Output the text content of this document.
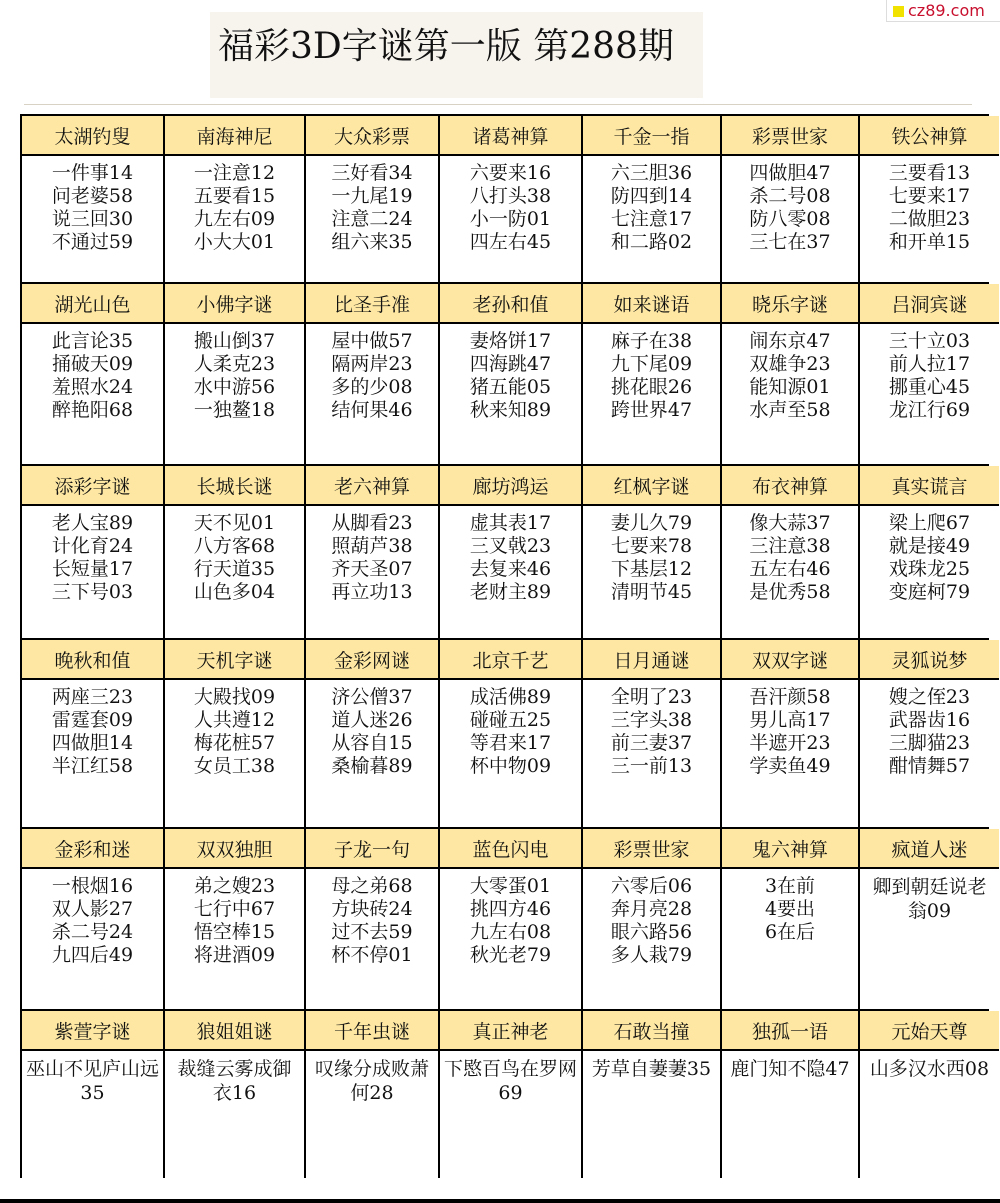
cz89.com
福彩3D字谜第一版 第288期
太湖钓叟
一件事14
问老婆58
说三回30
不通过59
南海神尼
一注意12
五要看15
九左右09
小大大01
大众彩票
三好看34
一九尾19
注意二24
组六来35
诸葛神算
六要来16
八打头38
小一防01
四左右45
千金一指
六三胆36
防四到14
七注意17
和二路02
彩票世家
四做胆47
杀二号08
防八零08
三七在37
铁公神算
三要看13
七要来17
二做胆23
和开单15
湖光山色
此言论35
捅破天09
羞照水24
醉艳阳68
小佛字谜
搬山倒37
人柔克23
水中游56
一独鳌18
比圣手准
屋中做57
隔两岸23
多的少08
结何果46
老孙和值
妻烙饼17
四海跳47
猪五能05
秋来知89
如来谜语
麻子在38
九下尾09
挑花眼26
跨世界47
晓乐字谜
闹东京47
双雄争23
能知源01
水声至58
吕洞宾谜
三十立03
前人拉17
挪重心45
龙江行69
添彩字谜
老人宝89
计化育24
长短量17
三下号03
长城长谜
天不见01
八方客68
行天道35
山色多04
老六神算
从脚看23
照葫芦38
齐天圣07
再立功13
廊坊鸿运
虚其表17
三叉戟23
去复来46
老财主89
红枫字谜
妻儿久79
七要来78
下基层12
清明节45
布衣神算
像大蒜37
三注意38
五左右46
是优秀58
真实谎言
梁上爬67
就是接49
戏珠龙25
变庭柯79
晚秋和值
两座三23
雷霆套09
四做胆14
半江红58
天机字谜
大殿找09
人共遵12
梅花桩57
女员工38
金彩网谜
济公僧37
道人迷26
从容自15
桑榆暮89
北京千艺
成活佛89
碰碰五25
等君来17
杯中物09
日月通谜
全明了23
三字头38
前三妻37
三一前13
双双字谜
吾汗颜58
男儿高17
半遮开23
学卖鱼49
灵狐说梦
嫂之侄23
武器齿16
三脚猫23
酣情舞57
金彩和迷
一根烟16
双人影27
杀二号24
九四后49
双双独胆
弟之嫂23
七行中67
悟空棒15
将进酒09
子龙一句
母之弟68
方块砖24
过不去59
杯不停01
蓝色闪电
大零蛋01
挑四方46
九左右08
秋光老79
彩票世家
六零后06
奔月亮28
眼六路56
多人栽79
鬼六神算
3在前
4要出
6在后
疯道人迷
卿到朝廷说老翁09
紫萱字谜
巫山不见庐山远35
狼姐姐谜
裁缝云雾成御衣16
千年虫谜
叹缘分成败萧何28
真正神老
下愍百鸟在罗网69
石敢当撞
芳草自萋萋35
独孤一语
鹿门知不隐47
元始天尊
山多汉水西08
